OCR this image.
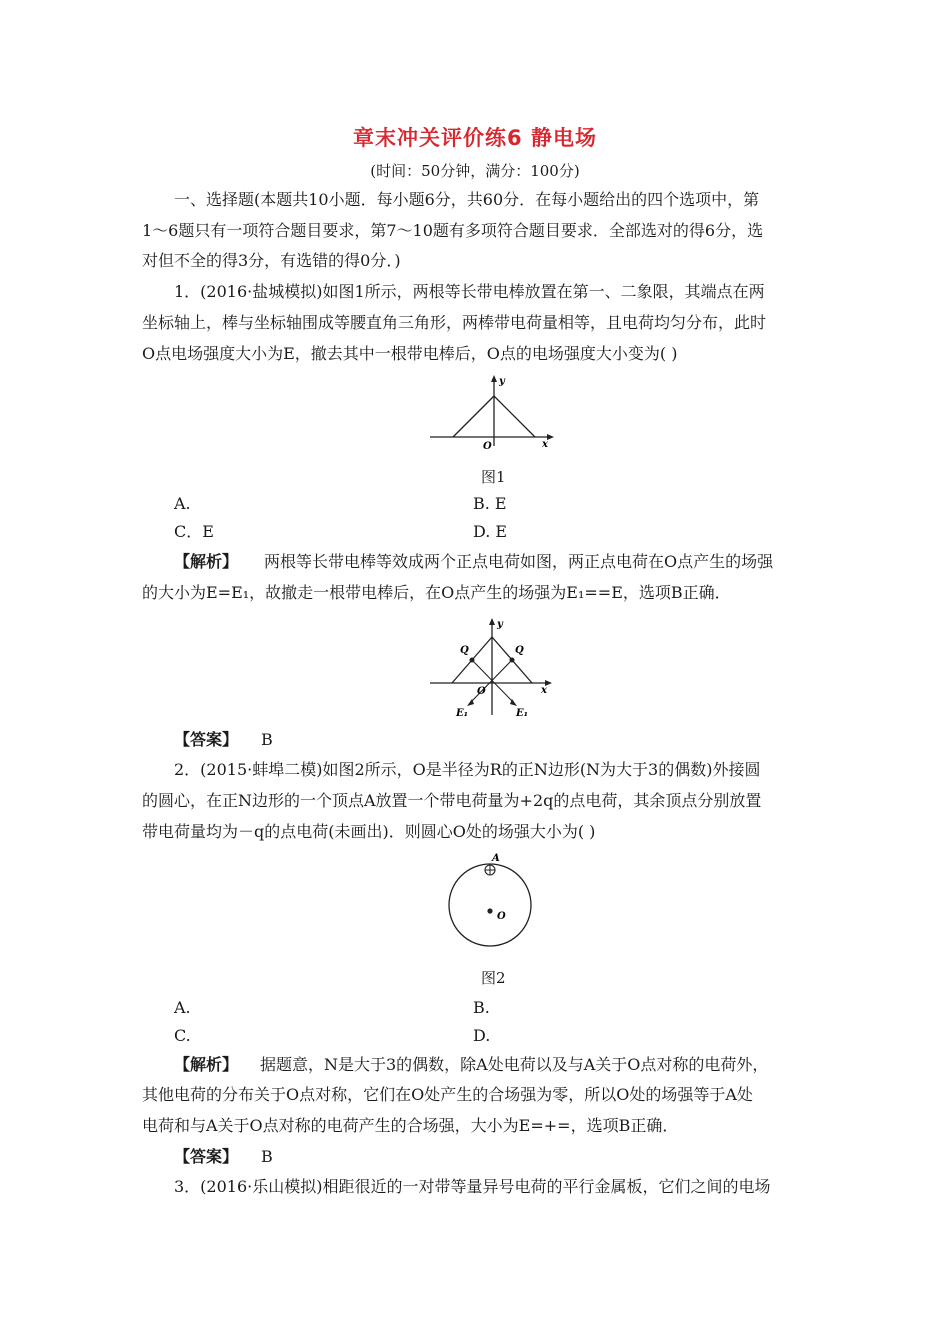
章末冲关评价练6 静电场
(时间：50分钟，满分：100分)
一、选择题(本题共10小题．每小题6分，共60分．在每小题给出的四个选项中，第
1～6题只有一项符合题目要求，第7～10题有多项符合题目要求．全部选对的得6分，选
对但不全的得3分，有选错的得0分．)
1．(2016·盐城模拟)如图1所示，两根等长带电棒放置在第一、二象限，其端点在两
坐标轴上，棒与坐标轴围成等腰直角三角形，两棒带电荷量相等，且电荷均匀分布，此时
O点电场强度大小为E，撤去其中一根带电棒后，O点的电场强度大小变为( )
y
x
O
图1
A.	B. E
C．E	D. E
【解析】 两根等长带电棒等效成两个正点电荷如图，两正点电荷在O点产生的场强
的大小为E=E₁，故撤走一根带电棒后，在O点产生的场强为E₁==E，选项B正确．
Q	Q
y
x
O
E₁	E₁
【答案】 B
2．(2015·蚌埠二模)如图2所示，O是半径为R的正N边形(N为大于3的偶数)外接圆
的圆心，在正N边形的一个顶点A放置一个带电荷量为+2q的点电荷，其余顶点分别放置
带电荷量均为－q的点电荷(未画出)．则圆心O处的场强大小为( )
A
O
图2
A.	B.
C.	D.
【解析】 据题意，N是大于3的偶数，除A处电荷以及与A关于O点对称的电荷外，
其他电荷的分布关于O点对称，它们在O处产生的合场强为零，所以O处的场强等于A处
电荷和与A关于O点对称的电荷产生的合场强，大小为E=+=，选项B正确．
【答案】 B
3．(2016·乐山模拟)相距很近的一对带等量异号电荷的平行金属板，它们之间的电场
